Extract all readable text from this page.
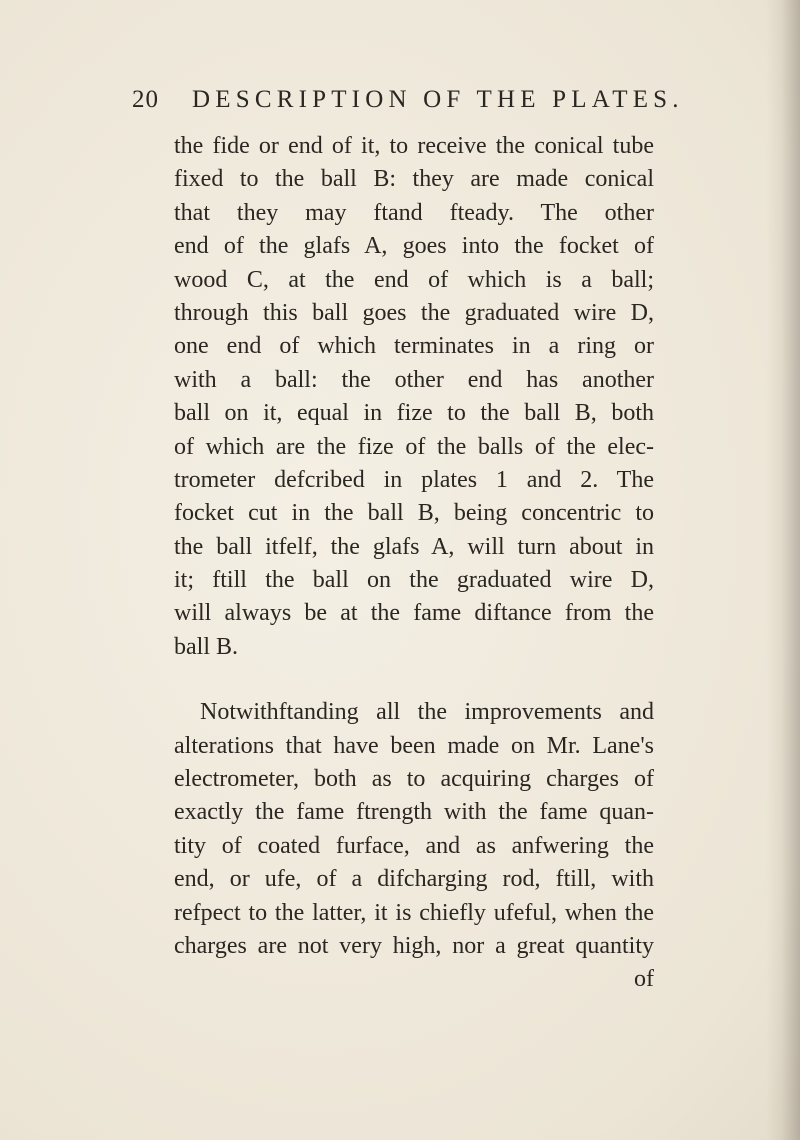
20 DESCRIPTION OF THE PLATES.
the fide or end of it, to receive the conical tube
fixed to the ball B: they are made conical
that they may ftand fteady. The other
end of the glafs A, goes into the focket of
wood C, at the end of which is a ball;
through this ball goes the graduated wire D,
one end of which terminates in a ring or
with a ball: the other end has another
ball on it, equal in fize to the ball B, both
of which are the fize of the balls of the elec-
trometer defcribed in plates 1 and 2. The
focket cut in the ball B, being concentric to
the ball itfelf, the glafs A, will turn about in
it; ftill the ball on the graduated wire D,
will always be at the fame diftance from the
ball B.
Notwithftanding all the improvements and
alterations that have been made on Mr. Lane's
electrometer, both as to acquiring charges of
exactly the fame ftrength with the fame quan-
tity of coated furface, and as anfwering the
end, or ufe, of a difcharging rod, ftill, with
refpect to the latter, it is chiefly ufeful, when the
charges are not very high, nor a great quantity
of
